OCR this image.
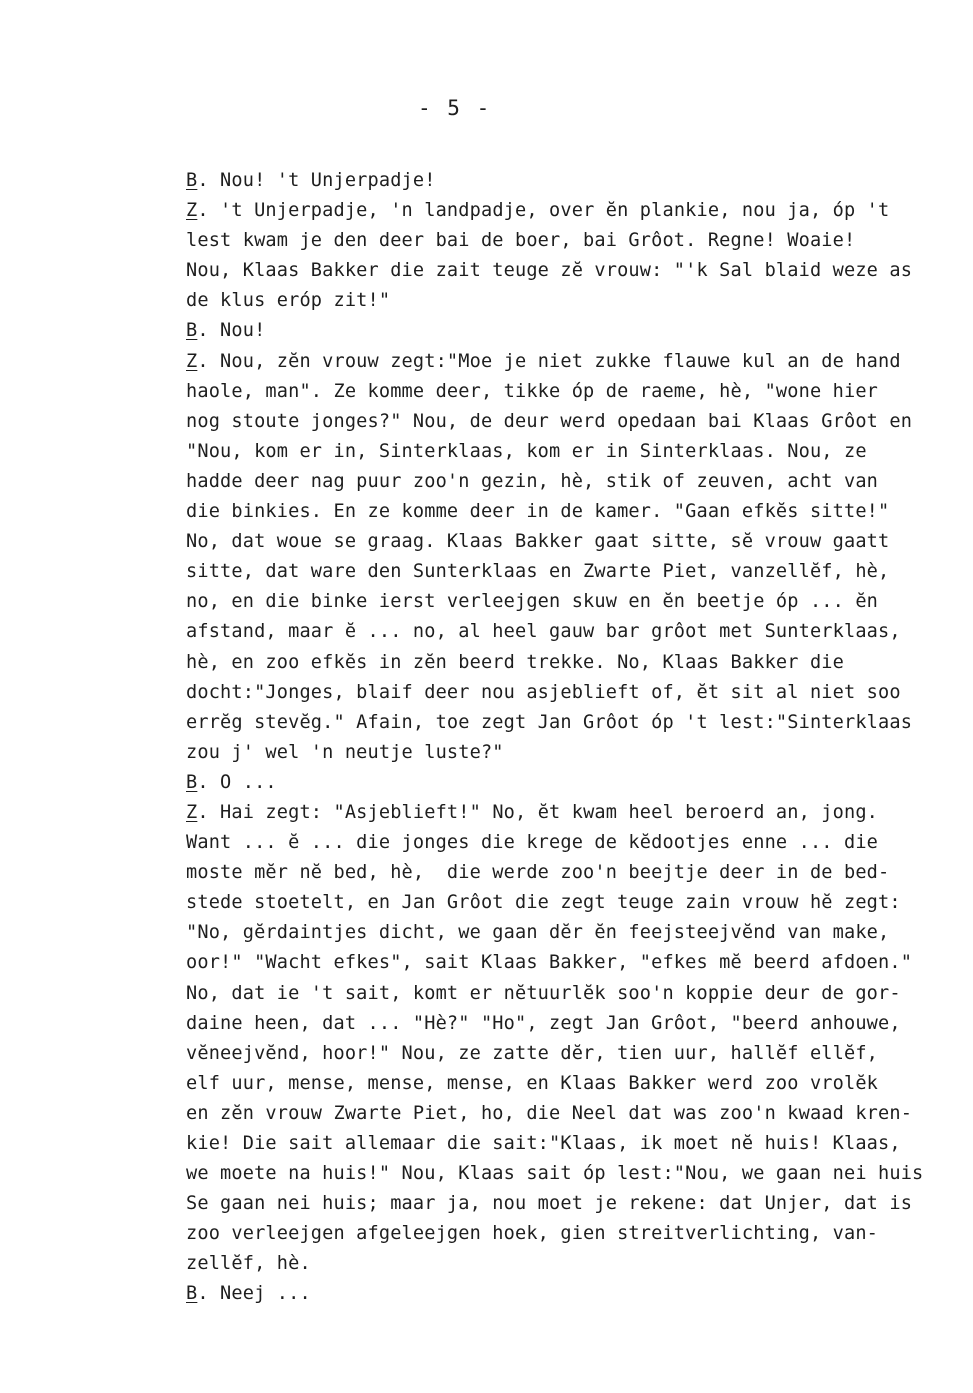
- 5 -
B. Nou! 't Unjerpadje!
Z. 't Unjerpadje, 'n landpadje, over ĕn plankie, nou ja, óp 't
lest kwam je den deer bai de boer, bai Grôot. Regne! Woaie!
Nou, Klaas Bakker die zait teuge zĕ vrouw: "'k Sal blaid weze as
de klus eróp zit!"
B. Nou!
Z. Nou, zĕn vrouw zegt:"Moe je niet zukke flauwe kul an de hand
haole, man". Ze komme deer, tikke óp de raeme, hè, "wone hier
nog stoute jonges?" Nou, de deur werd opedaan bai Klaas Grôot en
"Nou, kom er in, Sinterklaas, kom er in Sinterklaas. Nou, ze
hadde deer nag puur zoo'n gezin, hè, stik of zeuven, acht van
die binkies. En ze komme deer in de kamer. "Gaan efkĕs sitte!"
No, dat woue se graag. Klaas Bakker gaat sitte, sĕ vrouw gaatt
sitte, dat ware den Sunterklaas en Zwarte Piet, vanzellĕf, hè,
no, en die binke ierst verleejgen skuw en ĕn beetje óp ... ĕn
afstand, maar ĕ ... no, al heel gauw bar grôot met Sunterklaas,
hè, en zoo efkĕs in zĕn beerd trekke. No, Klaas Bakker die
docht:"Jonges, blaif deer nou asjeblieft of, ĕt sit al niet soo
errĕg stevĕg." Afain, toe zegt Jan Grôot óp 't lest:"Sinterklaas
zou j' wel 'n neutje luste?"
B. O ...
Z. Hai zegt: "Asjeblieft!" No, ĕt kwam heel beroerd an, jong.
Want ... ĕ ... die jonges die krege de kĕdootjes enne ... die
moste mĕr nĕ bed, hè,  die werde zoo'n beejtje deer in de bed-
stede stoetelt, en Jan Grôot die zegt teuge zain vrouw hĕ zegt:
"No, gĕrdaintjes dicht, we gaan dĕr ĕn feejsteejvĕnd van make,
oor!" "Wacht efkes", sait Klaas Bakker, "efkes mĕ beerd afdoen."
No, dat ie 't sait, komt er nĕtuurlĕk soo'n koppie deur de gor-
daine heen, dat ... "Hè?" "Ho", zegt Jan Grôot, "beerd anhouwe,
vĕneejvĕnd, hoor!" Nou, ze zatte dĕr, tien uur, hallĕf ellĕf,
elf uur, mense, mense, mense, en Klaas Bakker werd zoo vrolĕk
en zĕn vrouw Zwarte Piet, ho, die Neel dat was zoo'n kwaad kren-
kie! Die sait allemaar die sait:"Klaas, ik moet nĕ huis! Klaas,
we moete na huis!" Nou, Klaas sait óp lest:"Nou, we gaan nei huis
Se gaan nei huis; maar ja, nou moet je rekene: dat Unjer, dat is
zoo verleejgen afgeleejgen hoek, gien streitverlichting, van-
zellĕf, hè.
B. Neej ...
